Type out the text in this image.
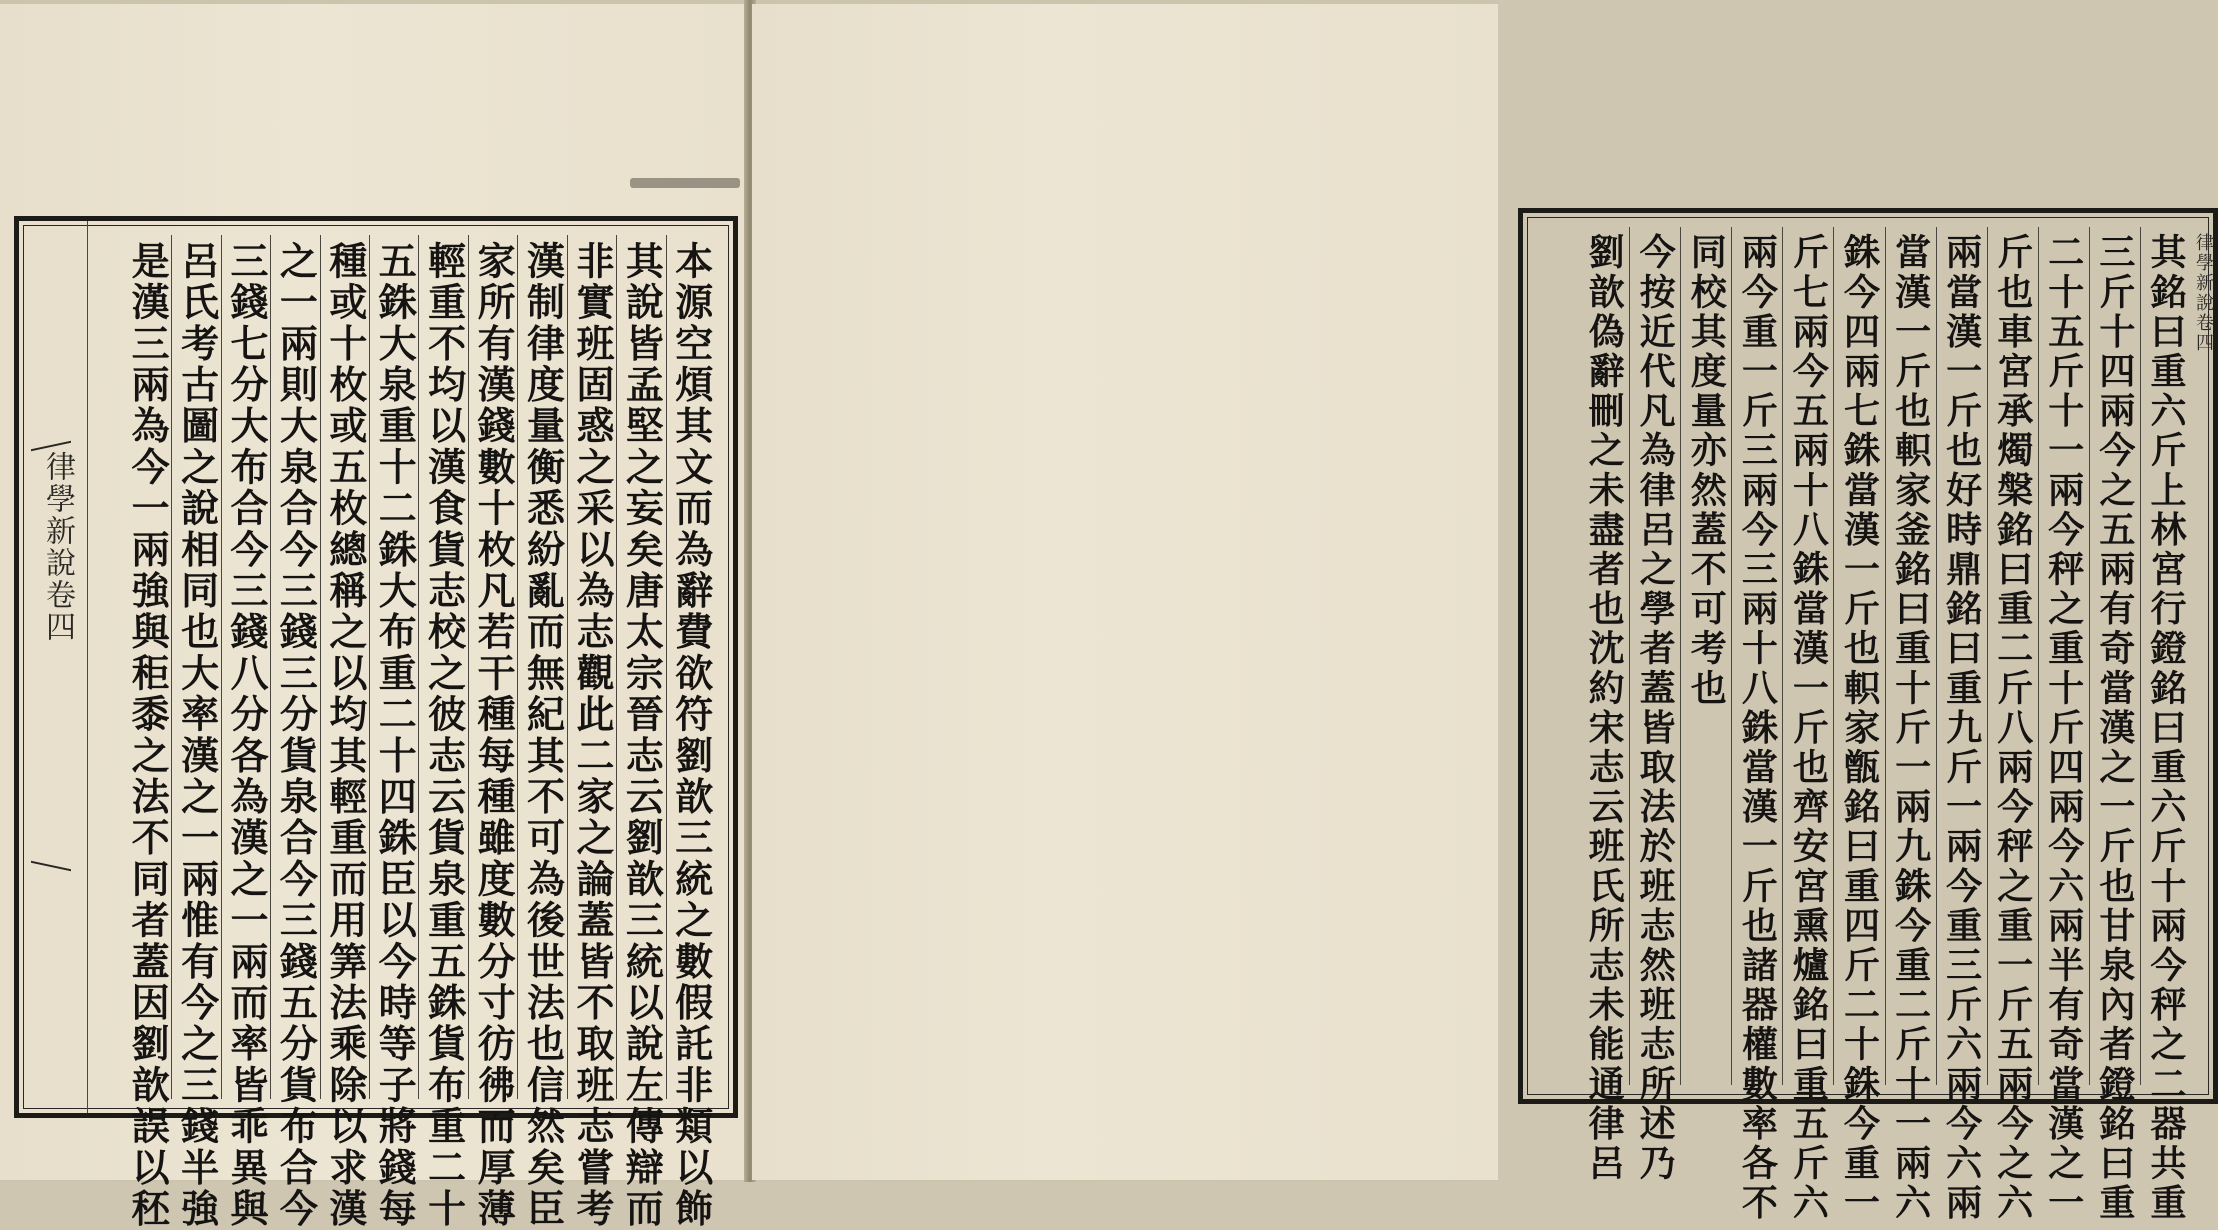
律學新說卷四	本源空煩其文而為辭費欲符劉歆三統之數假託非類以飾
其說皆孟堅之妄矣唐太宗晉志云劉歆三統以說左傳辯而
非實班固惑之采以為志觀此二家之論蓋皆不取班志嘗考
漢制律度量衡悉紛亂而無紀其不可為後世法也信然矣臣
家所有漢錢數十枚凡若干種每種雖度數分寸彷彿而厚薄
輕重不均以漢食貨志校之彼志云貨泉重五銖貨布重二十
五銖大泉重十二銖大布重二十四銖臣以今時等子將錢每
種或十枚或五枚總稱之以均其輕重而用筭法乘除以求漢
之一兩則大泉合今三錢三分貨泉合今三錢五分貨布合今
三錢七分大布合今三錢八分各為漢之一兩而率皆乖異與
呂氏考古圖之說相同也大率漢之一兩惟有今之三錢半強
是漢三兩為今一兩強與秬黍之法不同者蓋因劉歆誤以秠	律學新說卷四
其銘曰重六斤上林宮行鐙銘曰重六斤十兩今秤之二器共重
三斤十四兩今之五兩有奇當漢之一斤也甘泉內者鐙銘曰重
二十五斤十一兩今秤之重十斤四兩今六兩半有奇當漢之一
斤也車宮承燭槃銘曰重二斤八兩今秤之重一斤五兩今之六
兩當漢一斤也好時鼎銘曰重九斤一兩今重三斤六兩今六兩
當漢一斤也軹家釜銘曰重十斤一兩九銖今重二斤十一兩六
銖今四兩七銖當漢一斤也軹家甑銘曰重四斤二十銖今重一
斤七兩今五兩十八銖當漢一斤也齊安宮熏爐銘曰重五斤六
兩今重一斤三兩今三兩十八銖當漢一斤也諸器權數率各不
同校其度量亦然蓋不可考也
今按近代凡為律呂之學者蓋皆取法於班志然班志所述乃
劉歆偽辭刪之未盡者也沈約宋志云班氏所志未能通律呂
